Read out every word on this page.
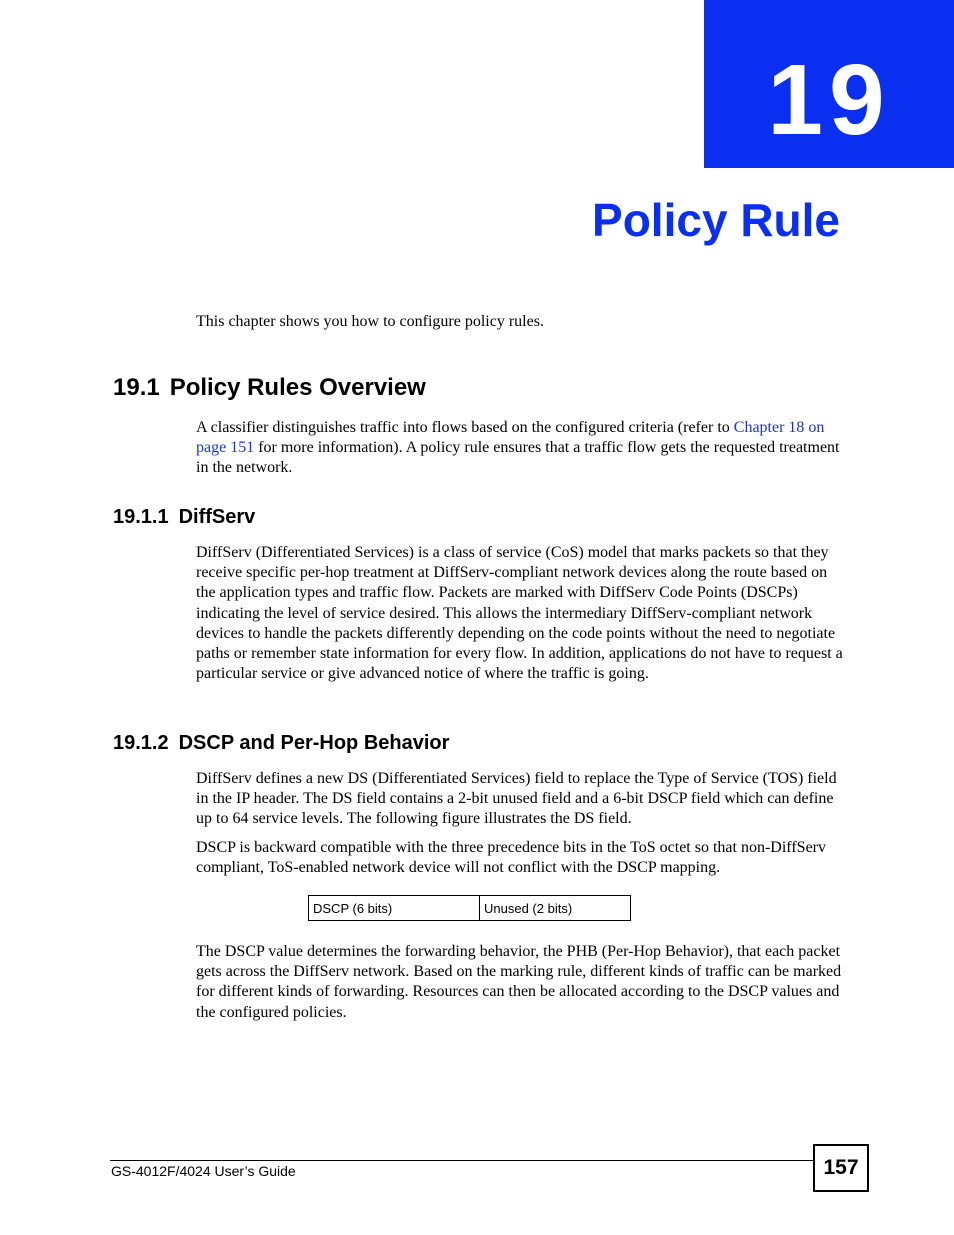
19
Policy Rule

This chapter shows you how to configure policy rules.

19.1 Policy Rules Overview

A classifier distinguishes traffic into flows based on the configured criteria (refer to Chapter 18 on page 151 for more information). A policy rule ensures that a traffic flow gets the requested treatment in the network.

19.1.1 DiffServ

DiffServ (Differentiated Services) is a class of service (CoS) model that marks packets so that they receive specific per-hop treatment at DiffServ-compliant network devices along the route based on the application types and traffic flow. Packets are marked with DiffServ Code Points (DSCPs) indicating the level of service desired. This allows the intermediary DiffServ-compliant network devices to handle the packets differently depending on the code points without the need to negotiate paths or remember state information for every flow. In addition, applications do not have to request a particular service or give advanced notice of where the traffic is going.

19.1.2 DSCP and Per-Hop Behavior

DiffServ defines a new DS (Differentiated Services) field to replace the Type of Service (TOS) field in the IP header. The DS field contains a 2-bit unused field and a 6-bit DSCP field which can define up to 64 service levels. The following figure illustrates the DS field.

DSCP is backward compatible with the three precedence bits in the ToS octet so that non-DiffServ compliant, ToS-enabled network device will not conflict with the DSCP mapping.

DSCP (6 bits)	Unused (2 bits)

The DSCP value determines the forwarding behavior, the PHB (Per-Hop Behavior), that each packet gets across the DiffServ network. Based on the marking rule, different kinds of traffic can be marked for different kinds of forwarding. Resources can then be allocated according to the DSCP values and the configured policies.

GS-4012F/4024 User’s Guide	157
